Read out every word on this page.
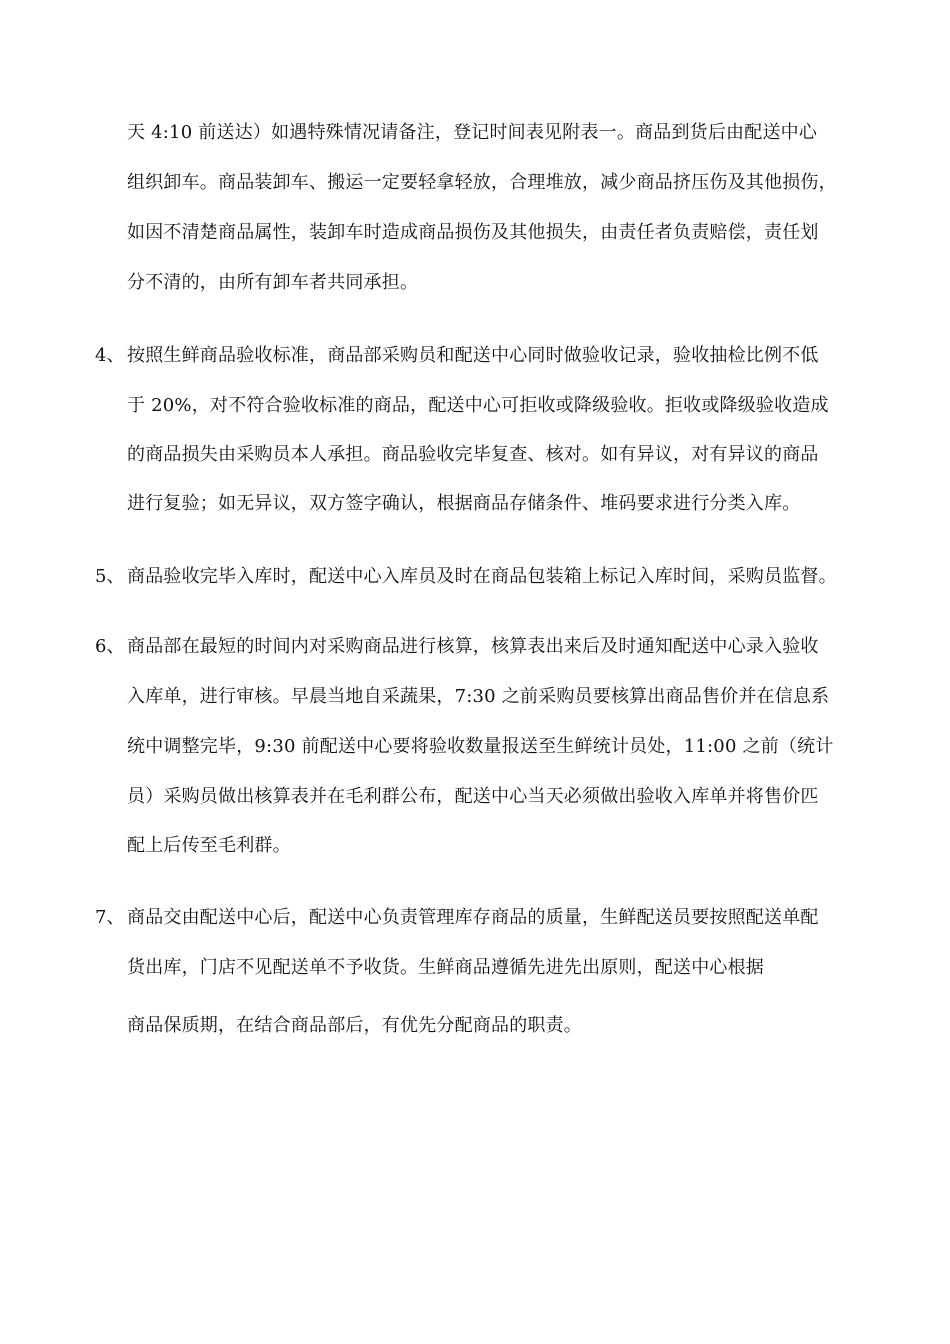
天 4:10 前送达）如遇特殊情况请备注，登记时间表见附表一。商品到货后由配送中心
组织卸车。商品装卸车、搬运一定要轻拿轻放，合理堆放，减少商品挤压伤及其他损伤，
如因不清楚商品属性，装卸车时造成商品损伤及其他损失，由责任者负责赔偿，责任划
分不清的，由所有卸车者共同承担。
4、 按照生鲜商品验收标准，商品部采购员和配送中心同时做验收记录，验收抽检比例不低
于 20%，对不符合验收标准的商品，配送中心可拒收或降级验收。拒收或降级验收造成
的商品损失由采购员本人承担。商品验收完毕复查、核对。如有异议，对有异议的商品
进行复验；如无异议，双方签字确认，根据商品存储条件、堆码要求进行分类入库。
5、 商品验收完毕入库时，配送中心入库员及时在商品包装箱上标记入库时间，采购员监督。
6、 商品部在最短的时间内对采购商品进行核算，核算表出来后及时通知配送中心录入验收
入库单，进行审核。早晨当地自采蔬果，7:30 之前采购员要核算出商品售价并在信息系
统中调整完毕，9:30 前配送中心要将验收数量报送至生鲜统计员处，11:00 之前（统计
员）采购员做出核算表并在毛利群公布，配送中心当天必须做出验收入库单并将售价匹
配上后传至毛利群。
7、 商品交由配送中心后，配送中心负责管理库存商品的质量，生鲜配送员要按照配送单配
货出库，门店不见配送单不予收货。生鲜商品遵循先进先出原则，配送中心根据
商品保质期，在结合商品部后，有优先分配商品的职责。
